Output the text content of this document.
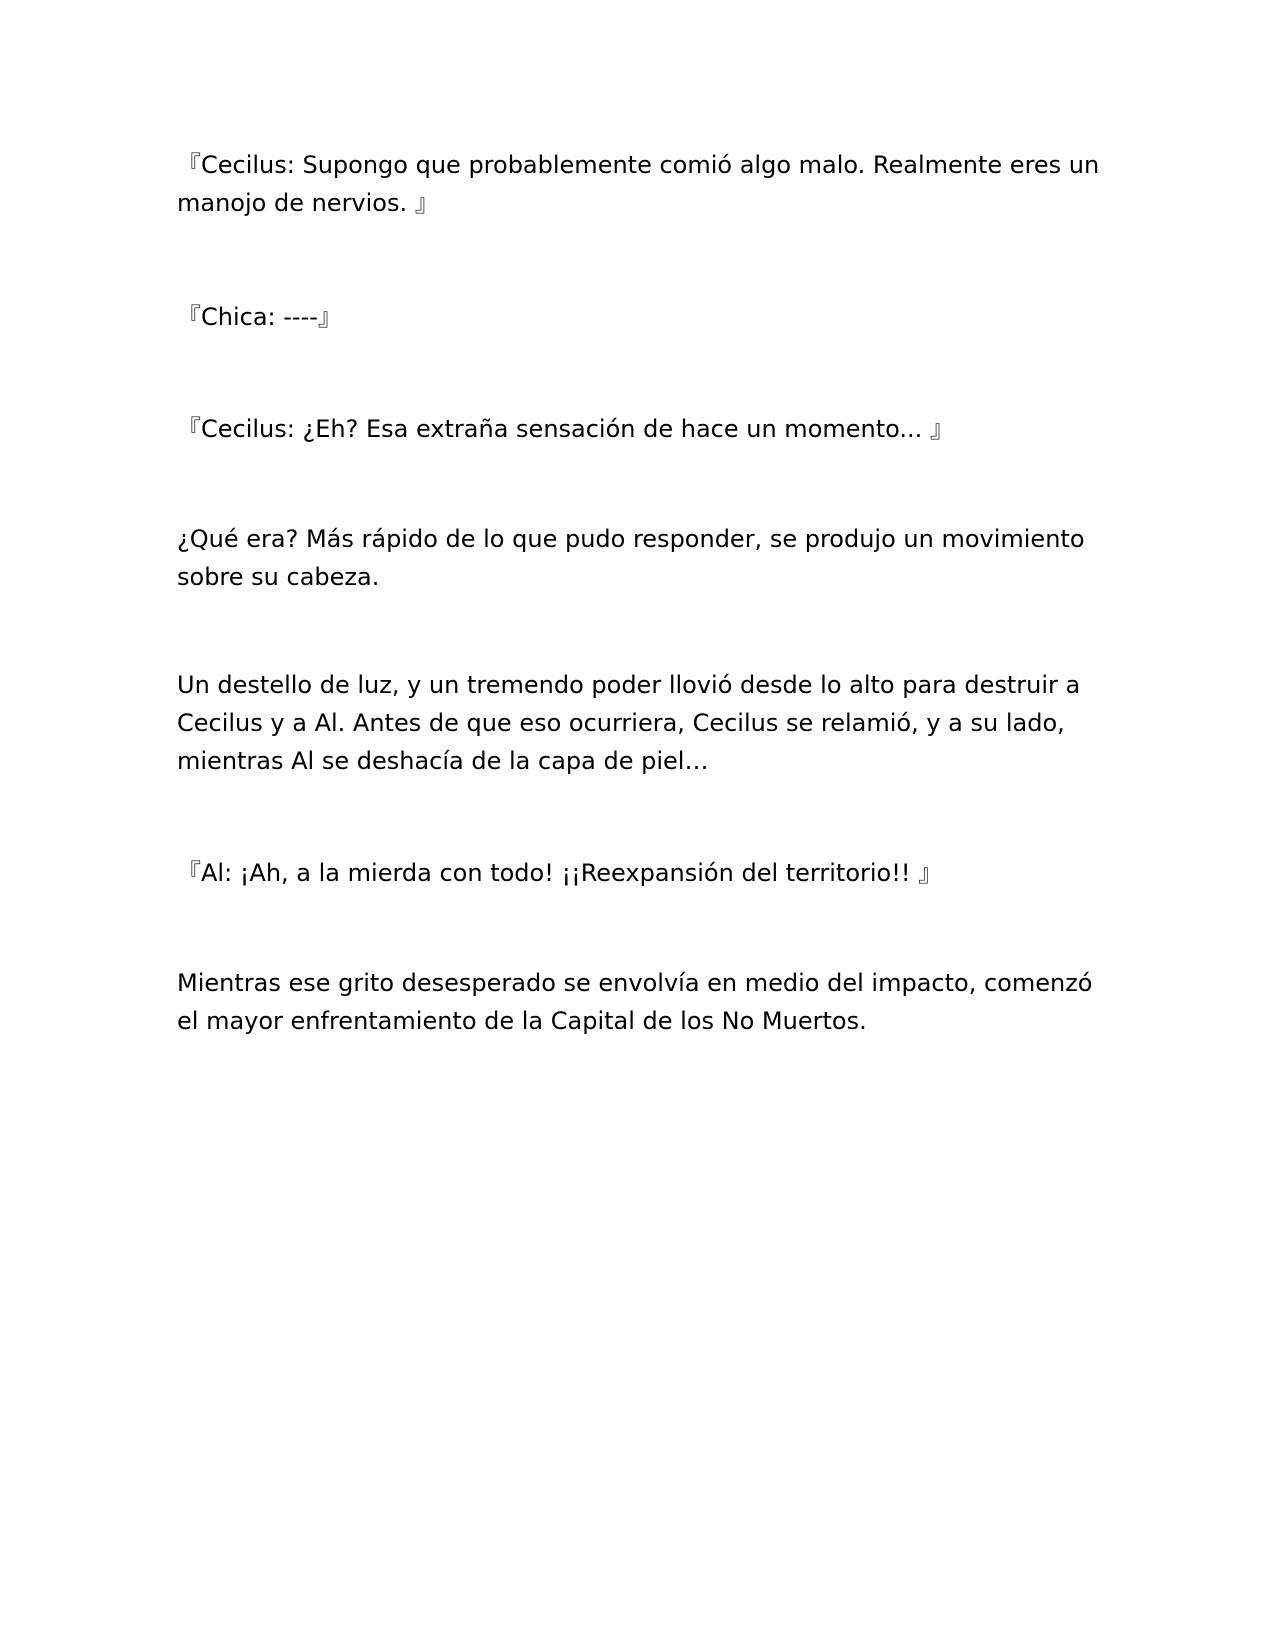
『Cecilus: Supongo que probablemente comió algo malo. Realmente eres un
manojo de nervios. 』

『Chica: ----』

『Cecilus: ¿Eh? Esa extraña sensación de hace un momento... 』

¿Qué era? Más rápido de lo que pudo responder, se produjo un movimiento
sobre su cabeza.

Un destello de luz, y un tremendo poder llovió desde lo alto para destruir a
Cecilus y a Al. Antes de que eso ocurriera, Cecilus se relamió, y a su lado,
mientras Al se deshacía de la capa de piel…

『Al: ¡Ah, a la mierda con todo! ¡¡Reexpansión del territorio!! 』

Mientras ese grito desesperado se envolvía en medio del impacto, comenzó
el mayor enfrentamiento de la Capital de los No Muertos.
